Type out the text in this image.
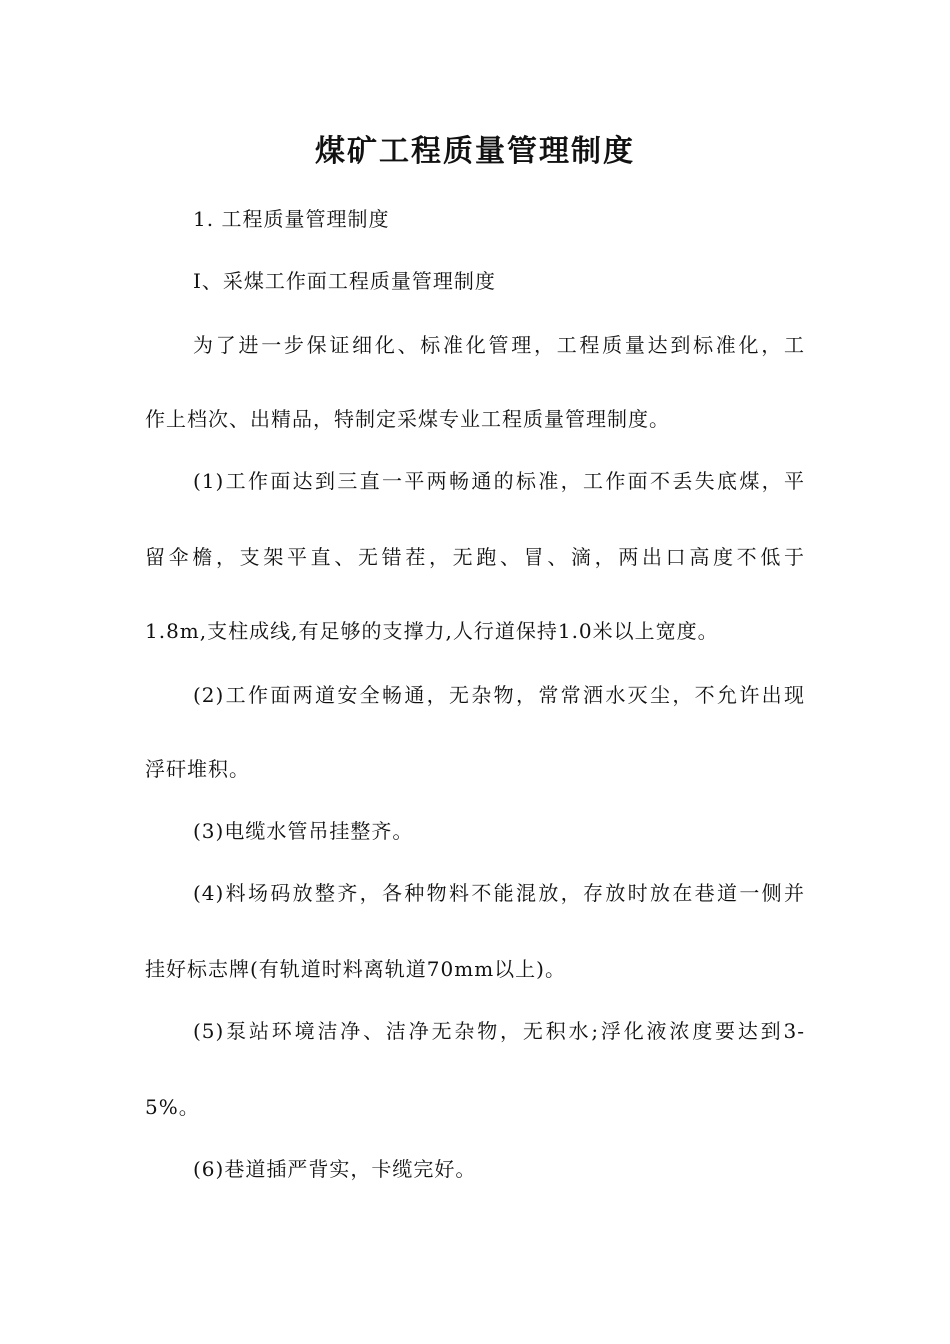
煤矿工程质量管理制度
1. 工程质量管理制度
Ⅰ、采煤工作面工程质量管理制度
为了进一步保证细化、标准化管理，工程质量达到标准化，工
作上档次、出精品，特制定采煤专业工程质量管理制度。
(1)工作面达到三直一平两畅通的标准，工作面不丢失底煤，平
留伞檐，支架平直、无错茬，无跑、冒、滴，两出口高度不低于
1.8m,支柱成线,有足够的支撑力,人行道保持1.0米以上宽度。
(2)工作面两道安全畅通，无杂物，常常洒水灭尘，不允许出现
浮矸堆积。
(3)电缆水管吊挂整齐。
(4)料场码放整齐，各种物料不能混放，存放时放在巷道一侧并
挂好标志牌(有轨道时料离轨道70mm以上)。
(5)泵站环境洁净、洁净无杂物，无积水;浮化液浓度要达到3-
5%。
(6)巷道插严背实，卡缆完好。
